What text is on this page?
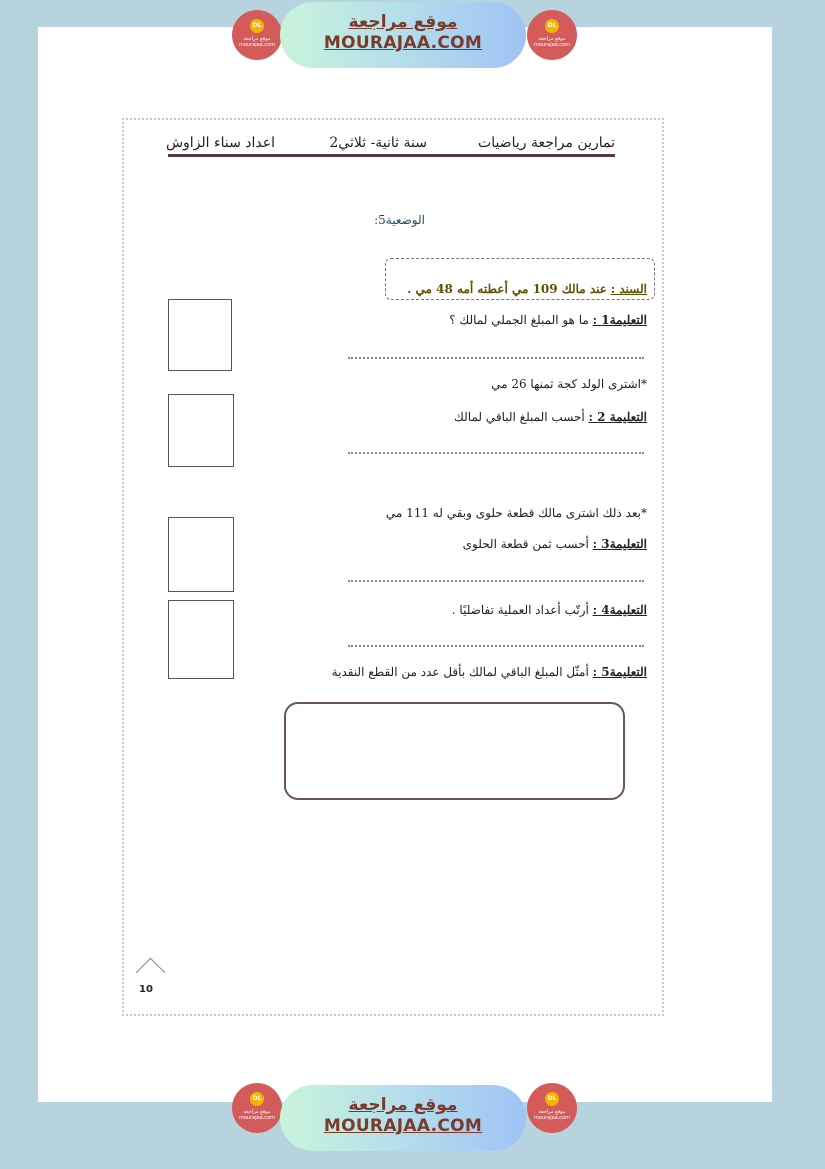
DL
موقع مراجعة
mourajaa.com
موقع مراجعة
MOURAJAA.COM
DL
موقع مراجعة
mourajaa.com
تمارين مراجعة رياضيات
سنة ثانية- ثلاثي2
اعداد سناء الزاوش
الوضعية5:
السند : عند مالك 109 مي أعطته أمه 48 مي .
التعليمة1 : ما هو المبلغ الجملي لمالك ؟
*اشترى الولد كجة ثمنها 26 مي
التعليمة 2 : أحسب المبلغ الباقي لمالك
*بعد ذلك اشترى مالك قطعة حلوى وبقي له 111 مي
التعليمة3 : أحسب ثمن قطعة الحلوى
التعليمة4 : أرتّب أعداد العملية تفاضليًا .
التعليمة5 : أمثّل المبلغ الباقي لمالك بأقل عدد من القطع النقدية
10
DL
موقع مراجعة
mourajaa.com
موقع مراجعة
MOURAJAA.COM
DL
موقع مراجعة
mourajaa.com
